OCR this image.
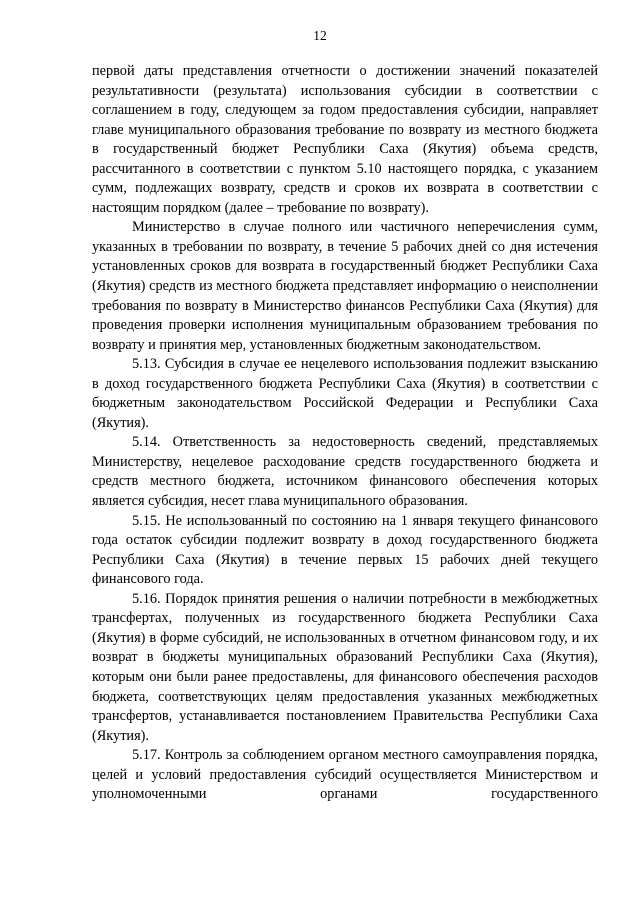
12

первой даты представления отчетности о достижении значений показателей результативности (результата) использования субсидии в соответствии с соглашением в году, следующем за годом предоставления субсидии, направляет главе муниципального образования требование по возврату из местного бюджета в государственный бюджет Республики Саха (Якутия) объема средств, рассчитанного в соответствии с пунктом 5.10 настоящего порядка, с указанием сумм, подлежащих возврату, средств и сроков их возврата в соответствии с настоящим порядком (далее – требование по возврату).

Министерство в случае полного или частичного неперечисления сумм, указанных в требовании по возврату, в течение 5 рабочих дней со дня истечения установленных сроков для возврата в государственный бюджет Республики Саха (Якутия) средств из местного бюджета представляет информацию о неисполнении требования по возврату в Министерство финансов Республики Саха (Якутия) для проведения проверки исполнения муниципальным образованием требования по возврату и принятия мер, установленных бюджетным законодательством.

5.13. Субсидия в случае ее нецелевого использования подлежит взысканию в доход государственного бюджета Республики Саха (Якутия) в соответствии с бюджетным законодательством Российской Федерации и Республики Саха (Якутия).

5.14. Ответственность за недостоверность сведений, представляемых Министерству, нецелевое расходование средств государственного бюджета и средств местного бюджета, источником финансового обеспечения которых является субсидия, несет глава муниципального образования.

5.15. Не использованный по состоянию на 1 января текущего финансового года остаток субсидии подлежит возврату в доход государственного бюджета Республики Саха (Якутия) в течение первых 15 рабочих дней текущего финансового года.

5.16. Порядок принятия решения о наличии потребности в межбюджетных трансфертах, полученных из государственного бюджета Республики Саха (Якутия) в форме субсидий, не использованных в отчетном финансовом году, и их возврат в бюджеты муниципальных образований Республики Саха (Якутия), которым они были ранее предоставлены, для финансового обеспечения расходов бюджета, соответствующих целям предоставления указанных межбюджетных трансфертов, устанавливается постановлением Правительства Республики Саха (Якутия).

5.17. Контроль за соблюдением органом местного самоуправления порядка, целей и условий предоставления субсидий осуществляется Министерством и уполномоченными органами государственного
